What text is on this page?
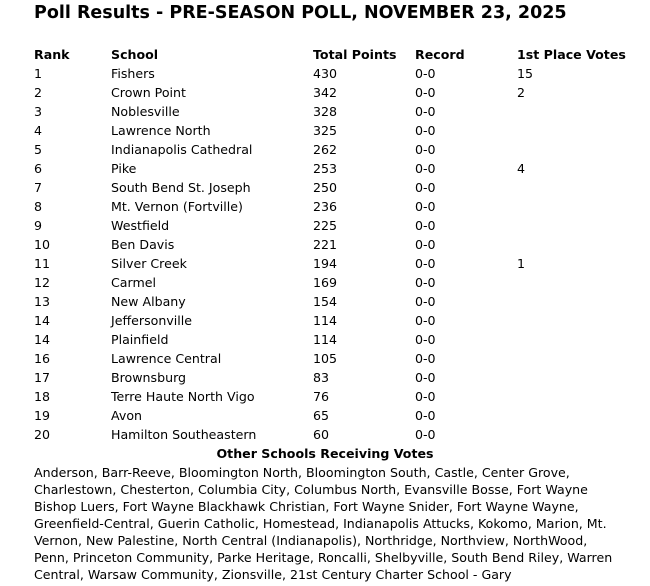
Poll Results - PRE-SEASON POLL, NOVEMBER 23, 2025
Rank	School	Total Points	Record	1st Place Votes
1	Fishers	430	0-0	15
2	Crown Point	342	0-0	2
3	Noblesville	328	0-0	
4	Lawrence North	325	0-0	
5	Indianapolis Cathedral	262	0-0	
6	Pike	253	0-0	4
7	South Bend St. Joseph	250	0-0	
8	Mt. Vernon (Fortville)	236	0-0	
9	Westfield	225	0-0	
10	Ben Davis	221	0-0	
11	Silver Creek	194	0-0	1
12	Carmel	169	0-0	
13	New Albany	154	0-0	
14	Jeffersonville	114	0-0	
14	Plainfield	114	0-0	
16	Lawrence Central	105	0-0	
17	Brownsburg	83	0-0	
18	Terre Haute North Vigo	76	0-0	
19	Avon	65	0-0	
20	Hamilton Southeastern	60	0-0	
Other Schools Receiving Votes
Anderson, Barr-Reeve, Bloomington North, Bloomington South, Castle, Center Grove, Charlestown, Chesterton, Columbia City, Columbus North, Evansville Bosse, Fort Wayne Bishop Luers, Fort Wayne Blackhawk Christian, Fort Wayne Snider, Fort Wayne Wayne, Greenfield-Central, Guerin Catholic, Homestead, Indianapolis Attucks, Kokomo, Marion, Mt. Vernon, New Palestine, North Central (Indianapolis), Northridge, Northview, NorthWood, Penn, Princeton Community, Parke Heritage, Roncalli, Shelbyville, South Bend Riley, Warren Central, Warsaw Community, Zionsville, 21st Century Charter School - Gary
